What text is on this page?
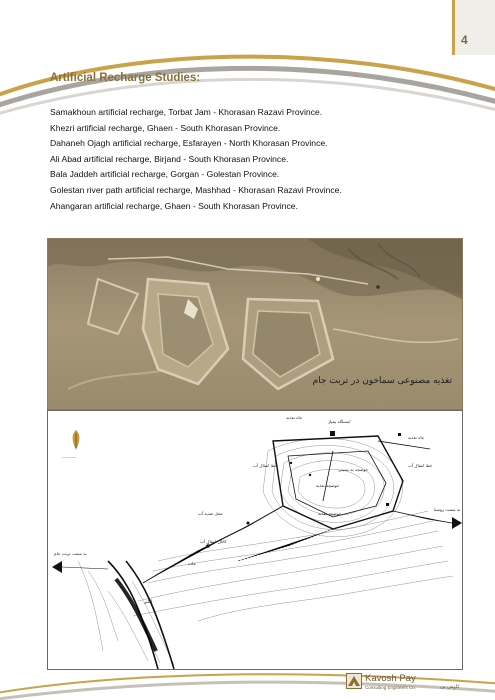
4
Artificial Recharge Studies:
Samakhoun artificial recharge, Torbat Jam - Khorasan Razavi Province.
Khezri artificial recharge, Ghaen - South Khorasan Province.
Dahaneh Ojagh artificial recharge, Esfarayen - North Khorasan Province.
Ali Abad artificial recharge, Birjand - South Khorasan Province.
Bala Jaddeh artificial recharge, Gorgan - Golestan Province.
Golestan river path artificial recharge, Mashhad - Khorasan Razavi Province.
Ahangaran artificial recharge, Ghaen - South Khorasan Province.
تغذیه مصنوعی سماخون در تربت جام
――――
چاه تغذیه
ایستگاه پمپاژ
چاه تغذیه
خط انتقال آب
خط انتقال آب
حوضچه تغذیه
حوضچه ته نشینی
حوضچه تغذیه
محل تغذیه آب
آبگیر
کانال انتقال آب
جاده
به سمت روستا
به سمت تربت جام
Kavosh Pay
Consulting Engineers Co.	کاوش پی
